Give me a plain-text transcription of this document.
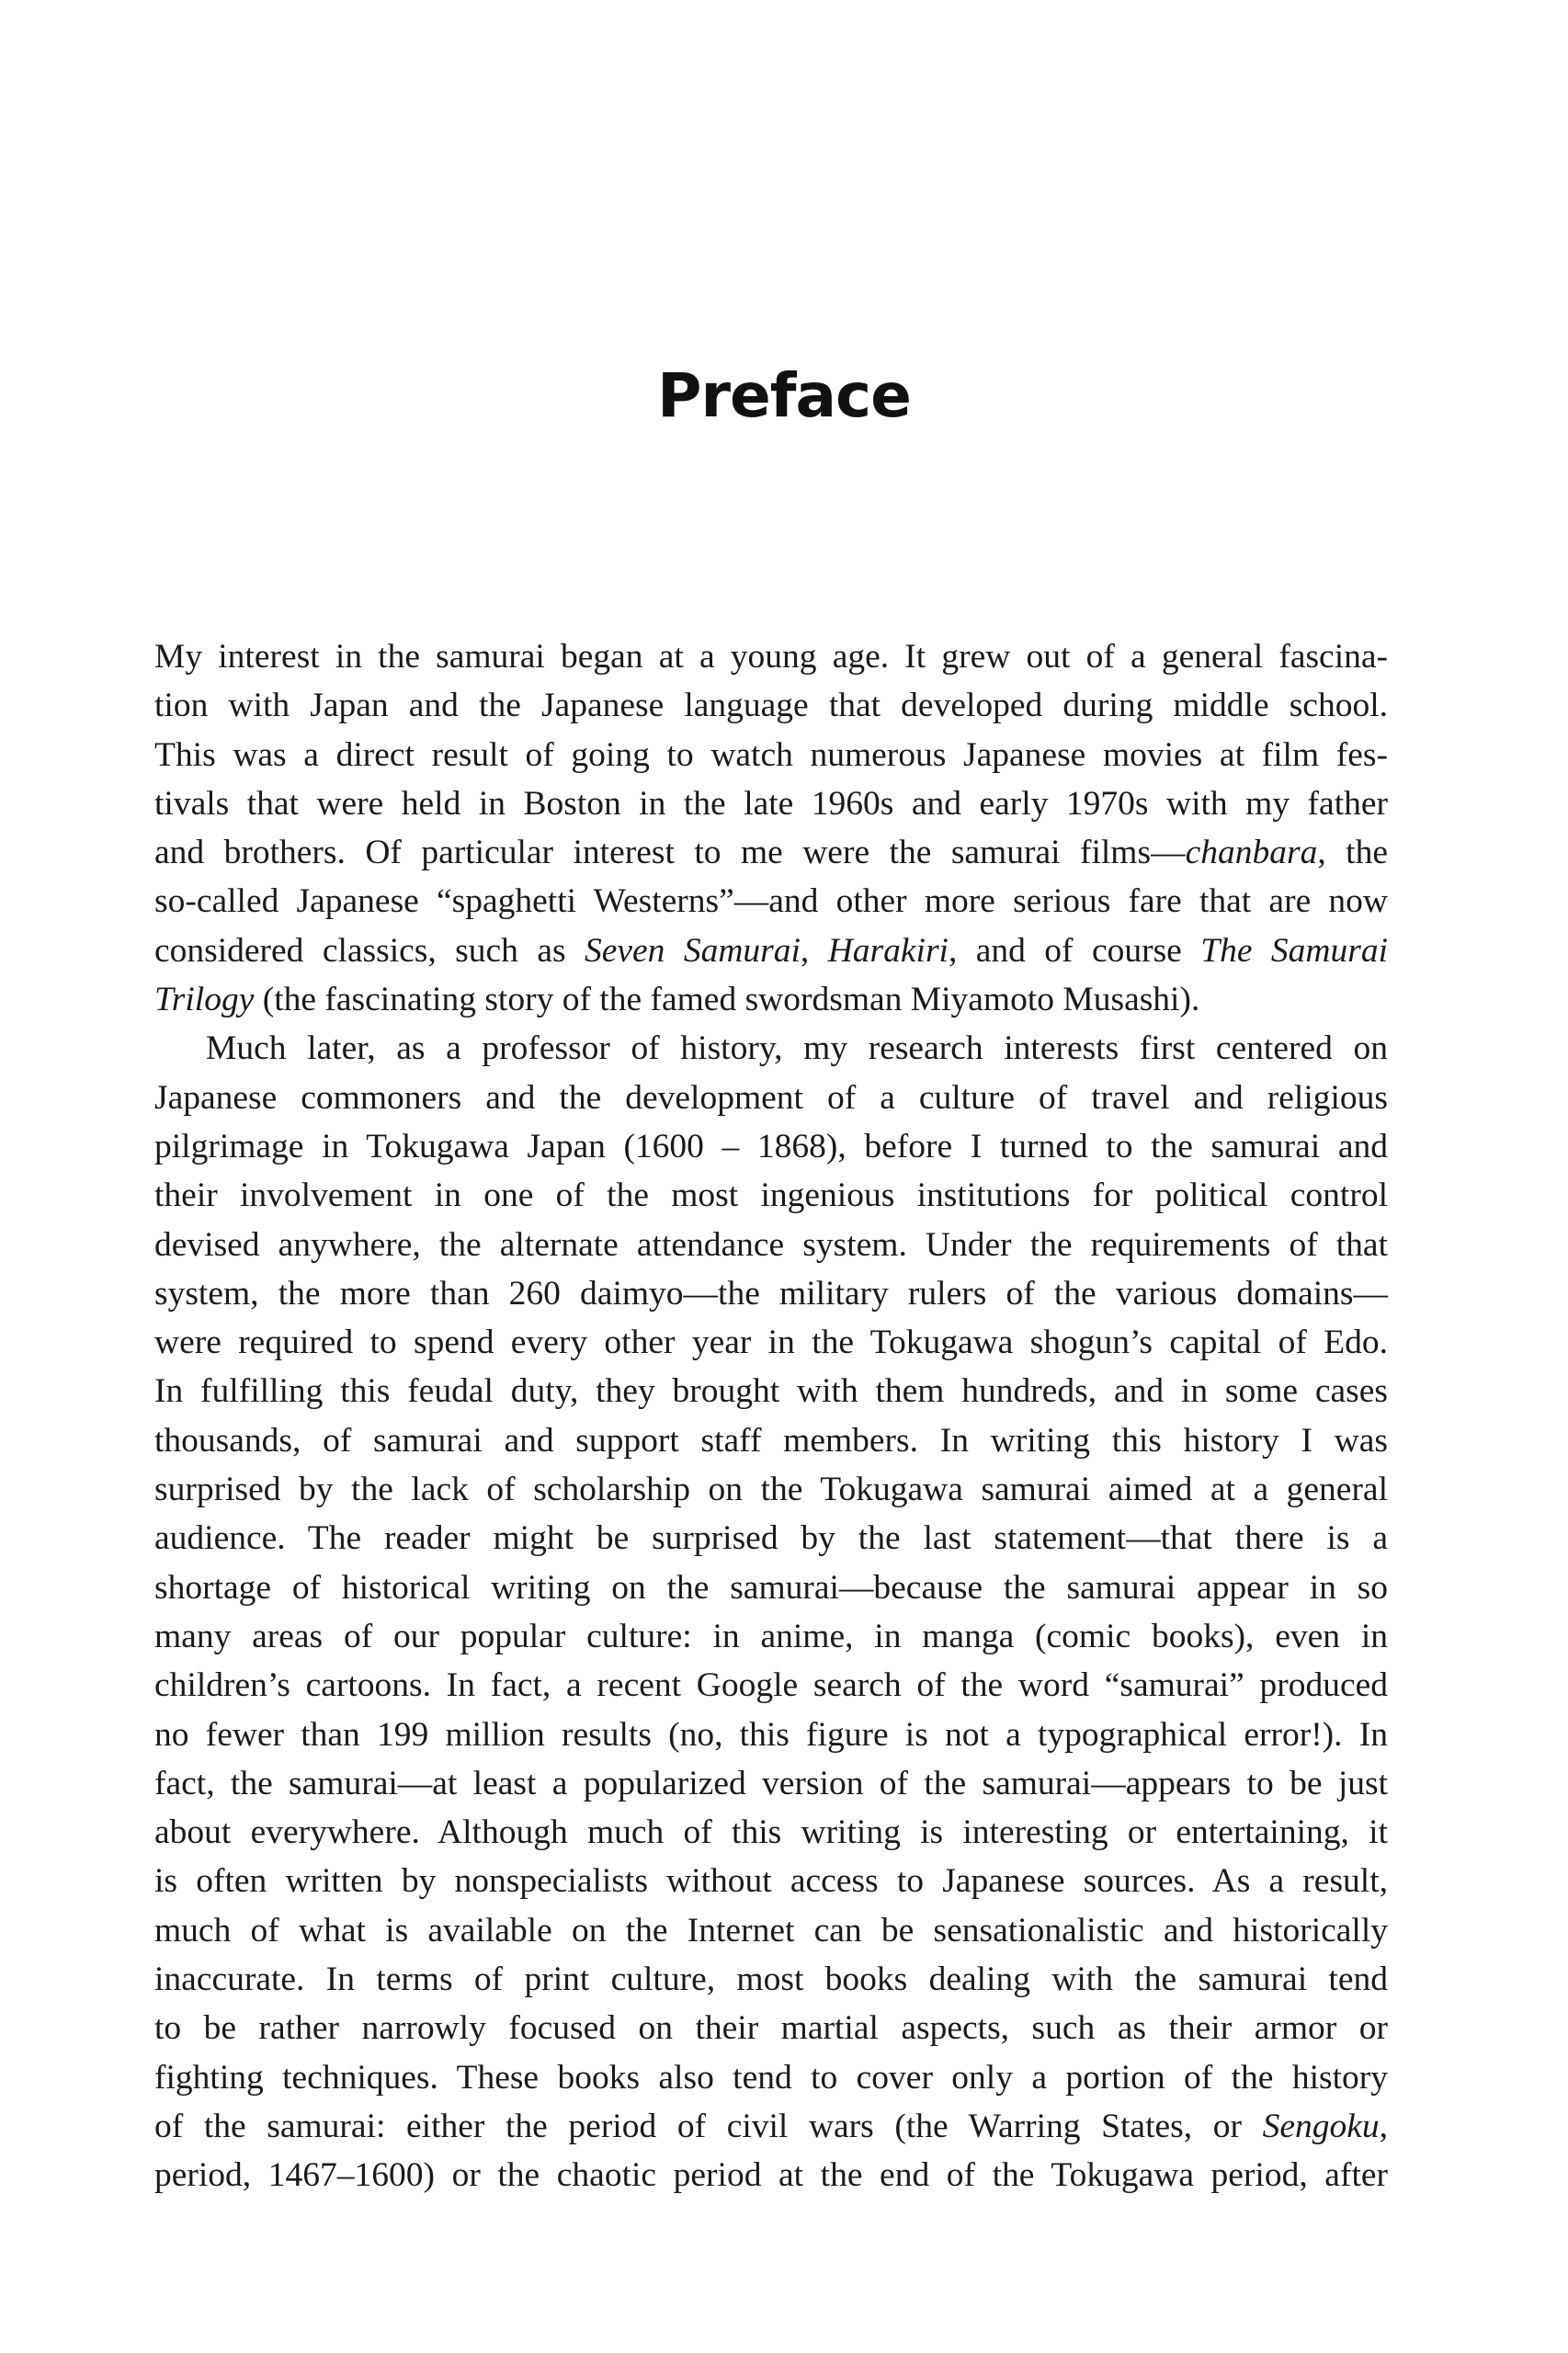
Preface
My interest in the samurai began at a young age. It grew out of a general fascina-
tion with Japan and the Japanese language that developed during middle school.
This was a direct result of going to watch numerous Japanese movies at film fes-
tivals that were held in Boston in the late 1960s and early 1970s with my father
and brothers. Of particular interest to me were the samurai films—chanbara, the
so-called Japanese “spaghetti Westerns”—and other more serious fare that are now
considered classics, such as Seven Samurai, Harakiri, and of course The Samurai
Trilogy (the fascinating story of the famed swordsman Miyamoto Musashi).
Much later, as a professor of history, my research interests first centered on
Japanese commoners and the development of a culture of travel and religious
pilgrimage in Tokugawa Japan (1600 – 1868), before I turned to the samurai and
their involvement in one of the most ingenious institutions for political control
devised anywhere, the alternate attendance system. Under the requirements of that
system, the more than 260 daimyo—the military rulers of the various domains—
were required to spend every other year in the Tokugawa shogun’s capital of Edo.
In fulfilling this feudal duty, they brought with them hundreds, and in some cases
thousands, of samurai and support staff members. In writing this history I was
surprised by the lack of scholarship on the Tokugawa samurai aimed at a general
audience. The reader might be surprised by the last statement—that there is a
shortage of historical writing on the samurai—because the samurai appear in so
many areas of our popular culture: in anime, in manga (comic books), even in
children’s cartoons. In fact, a recent Google search of the word “samurai” produced
no fewer than 199 million results (no, this figure is not a typographical error!). In
fact, the samurai—at least a popularized version of the samurai—appears to be just
about everywhere. Although much of this writing is interesting or entertaining, it
is often written by nonspecialists without access to Japanese sources. As a result,
much of what is available on the Internet can be sensationalistic and historically
inaccurate. In terms of print culture, most books dealing with the samurai tend
to be rather narrowly focused on their martial aspects, such as their armor or
fighting techniques. These books also tend to cover only a portion of the history
of the samurai: either the period of civil wars (the Warring States, or Sengoku,
period, 1467–1600) or the chaotic period at the end of the Tokugawa period, after
